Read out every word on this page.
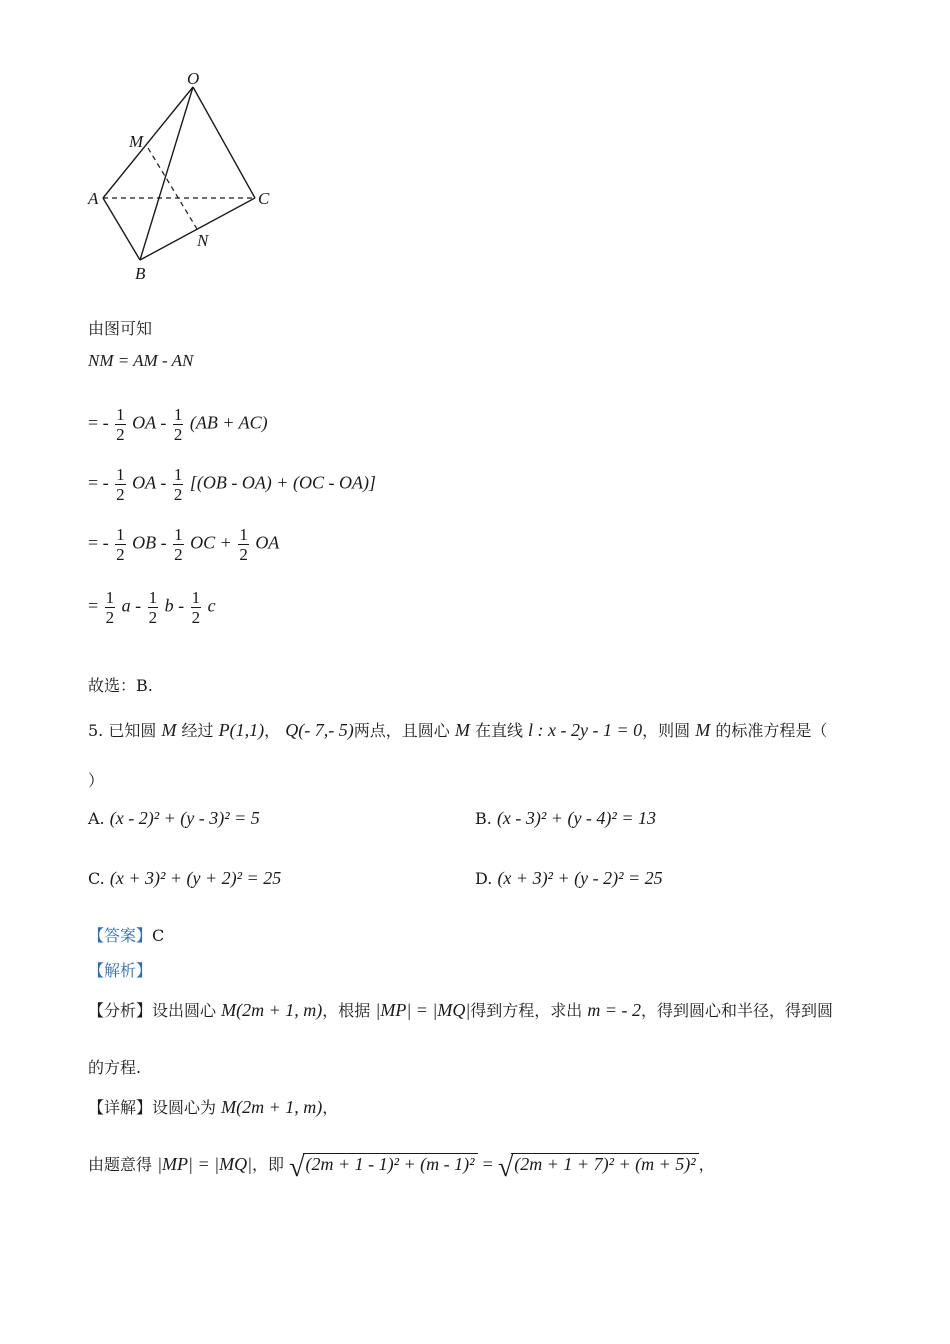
O
M
A	C
N
B
由图可知
NM = AM - AN
= - $\frac{1}{2}$ OA - $\frac{1}{2} (AB + AC)$
= - $\frac{1}{2}$ OA - $\frac{1}{2} [(OB - OA) + (OC - OA)]$
= - $\frac{1}{2}$ OB - $\frac{1}{2}$ OC + $\frac{1}{2}$ OA
= $\frac{1}{2}$ a - $\frac{1}{2}$ b - $\frac{1}{2}$ c
故选：B.
5. 已知圆 M 经过 P(1,1)， Q(- 7,- 5)两点，且圆心 M 在直线 l : x - 2y - 1 = 0，则圆 M 的标准方程是（
）
A. (x - 2)² + (y - 3)² = 5	B. (x - 3)² + (y - 4)² = 13
C. (x + 3)² + (y + 2)² = 25	D. (x + 3)² + (y - 2)² = 25
【答案】C
【解析】
【分析】设出圆心 M(2m + 1, m)，根据 |MP| = |MQ|得到方程，求出 m = - 2，得到圆心和半径，得到圆
的方程.
【详解】设圆心为 M(2m + 1, m)，
由题意得 |MP| = |MQ|，即 √(2m + 1 - 1)² + (m - 1)² = √(2m + 1 + 7)² + (m + 5)² ，
